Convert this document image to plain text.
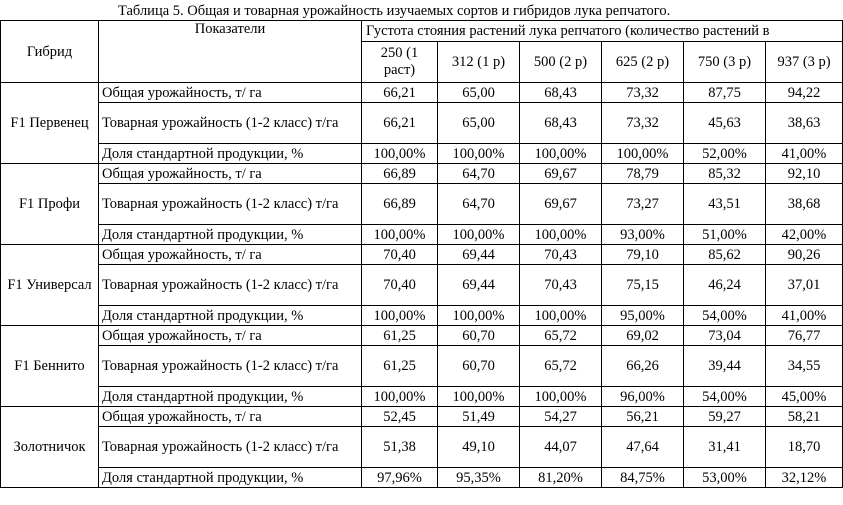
Таблица 5. Общая и товарная урожайность изучаемых сортов и гибридов лука репчатого.
Гибрид	Показатели	Густота стояния растений лука репчатого (количество растений в					
		250 (1 раст)	312 (1 р)	500 (2 р)	625 (2 р)	750 (3 р)	937 (3 р)
F1 Первенец	Общая урожайность, т/ га	66,21	65,00	68,43	73,32	87,75	94,22
	Товарная урожайность (1-2 класс) т/га	66,21	65,00	68,43	73,32	45,63	38,63
	Доля стандартной продукции, %	100,00%	100,00%	100,00%	100,00%	52,00%	41,00%
F1 Профи	Общая урожайность, т/ га	66,89	64,70	69,67	78,79	85,32	92,10
	Товарная урожайность (1-2 класс) т/га	66,89	64,70	69,67	73,27	43,51	38,68
	Доля стандартной продукции, %	100,00%	100,00%	100,00%	93,00%	51,00%	42,00%
F1 Универсал	Общая урожайность, т/ га	70,40	69,44	70,43	79,10	85,62	90,26
	Товарная урожайность (1-2 класс) т/га	70,40	69,44	70,43	75,15	46,24	37,01
	Доля стандартной продукции, %	100,00%	100,00%	100,00%	95,00%	54,00%	41,00%
F1 Беннито	Общая урожайность, т/ га	61,25	60,70	65,72	69,02	73,04	76,77
	Товарная урожайность (1-2 класс) т/га	61,25	60,70	65,72	66,26	39,44	34,55
	Доля стандартной продукции, %	100,00%	100,00%	100,00%	96,00%	54,00%	45,00%
Золотничок	Общая урожайность, т/ га	52,45	51,49	54,27	56,21	59,27	58,21
	Товарная урожайность (1-2 класс) т/га	51,38	49,10	44,07	47,64	31,41	18,70
	Доля стандартной продукции, %	97,96%	95,35%	81,20%	84,75%	53,00%	32,12%
